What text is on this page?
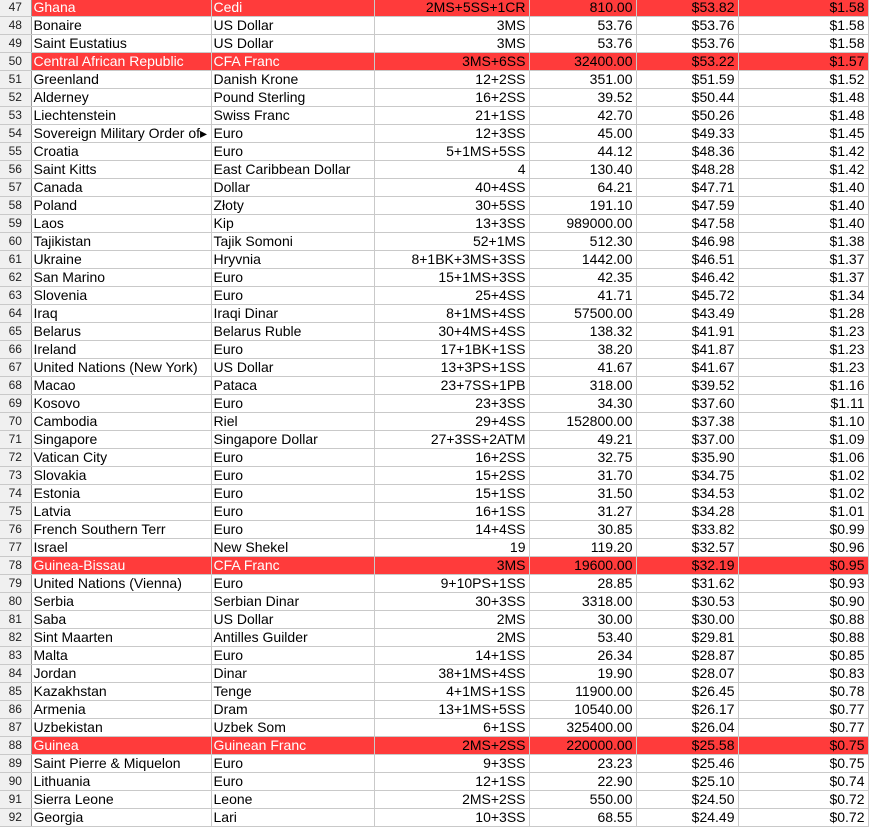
47	Ghana	Cedi	2MS+5SS+1CR	810.00	$53.82	$1.58
48	Bonaire	US Dollar	3MS	53.76	$53.76	$1.58
49	Saint Eustatius	US Dollar	3MS	53.76	$53.76	$1.58
50	Central African Republic	CFA Franc	3MS+6SS	32400.00	$53.22	$1.57
51	Greenland	Danish Krone	12+2SS	351.00	$51.59	$1.52
52	Alderney	Pound Sterling	16+2SS	39.52	$50.44	$1.48
53	Liechtenstein	Swiss Franc	21+1SS	42.70	$50.26	$1.48
54	Sovereign Military Order of▸	Euro	12+3SS	45.00	$49.33	$1.45
55	Croatia	Euro	5+1MS+5SS	44.12	$48.36	$1.42
56	Saint Kitts	East Caribbean Dollar	4	130.40	$48.28	$1.42
57	Canada	Dollar	40+4SS	64.21	$47.71	$1.40
58	Poland	Złoty	30+5SS	191.10	$47.59	$1.40
59	Laos	Kip	13+3SS	989000.00	$47.58	$1.40
60	Tajikistan	Tajik Somoni	52+1MS	512.30	$46.98	$1.38
61	Ukraine	Hryvnia	8+1BK+3MS+3SS	1442.00	$46.51	$1.37
62	San Marino	Euro	15+1MS+3SS	42.35	$46.42	$1.37
63	Slovenia	Euro	25+4SS	41.71	$45.72	$1.34
64	Iraq	Iraqi Dinar	8+1MS+4SS	57500.00	$43.49	$1.28
65	Belarus	Belarus Ruble	30+4MS+4SS	138.32	$41.91	$1.23
66	Ireland	Euro	17+1BK+1SS	38.20	$41.87	$1.23
67	United Nations (New York)	US Dollar	13+3PS+1SS	41.67	$41.67	$1.23
68	Macao	Pataca	23+7SS+1PB	318.00	$39.52	$1.16
69	Kosovo	Euro	23+3SS	34.30	$37.60	$1.11
70	Cambodia	Riel	29+4SS	152800.00	$37.38	$1.10
71	Singapore	Singapore Dollar	27+3SS+2ATM	49.21	$37.00	$1.09
72	Vatican City	Euro	16+2SS	32.75	$35.90	$1.06
73	Slovakia	Euro	15+2SS	31.70	$34.75	$1.02
74	Estonia	Euro	15+1SS	31.50	$34.53	$1.02
75	Latvia	Euro	16+1SS	31.27	$34.28	$1.01
76	French Southern Terr	Euro	14+4SS	30.85	$33.82	$0.99
77	Israel	New Shekel	19	119.20	$32.57	$0.96
78	Guinea-Bissau	CFA Franc	3MS	19600.00	$32.19	$0.95
79	United Nations (Vienna)	Euro	9+10PS+1SS	28.85	$31.62	$0.93
80	Serbia	Serbian Dinar	30+3SS	3318.00	$30.53	$0.90
81	Saba	US Dollar	2MS	30.00	$30.00	$0.88
82	Sint Maarten	Antilles Guilder	2MS	53.40	$29.81	$0.88
83	Malta	Euro	14+1SS	26.34	$28.87	$0.85
84	Jordan	Dinar	38+1MS+4SS	19.90	$28.07	$0.83
85	Kazakhstan	Tenge	4+1MS+1SS	11900.00	$26.45	$0.78
86	Armenia	Dram	13+1MS+5SS	10540.00	$26.17	$0.77
87	Uzbekistan	Uzbek Som	6+1SS	325400.00	$26.04	$0.77
88	Guinea	Guinean Franc	2MS+2SS	220000.00	$25.58	$0.75
89	Saint Pierre & Miquelon	Euro	9+3SS	23.23	$25.46	$0.75
90	Lithuania	Euro	12+1SS	22.90	$25.10	$0.74
91	Sierra Leone	Leone	2MS+2SS	550.00	$24.50	$0.72
92	Georgia	Lari	10+3SS	68.55	$24.49	$0.72
